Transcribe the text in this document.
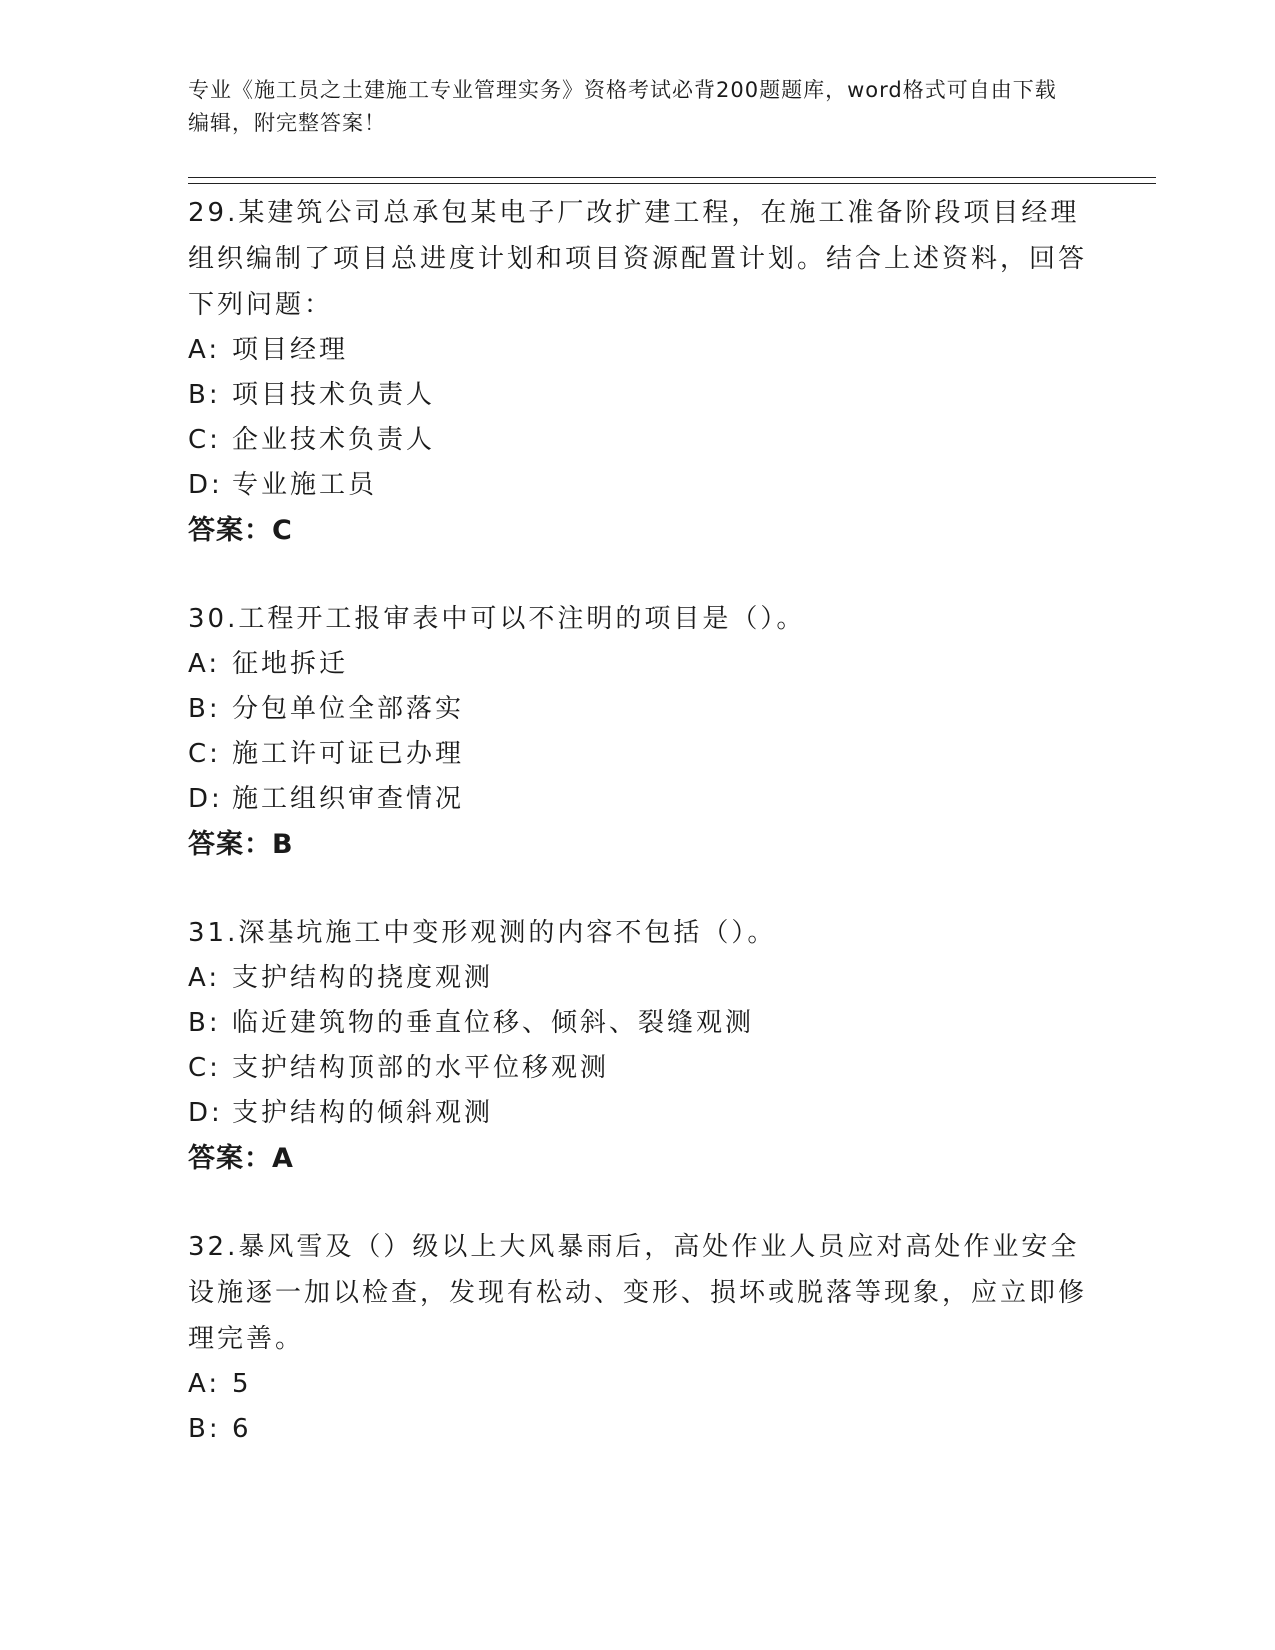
专业《施工员之土建施工专业管理实务》资格考试必背200题题库，word格式可自由下载编辑，附完整答案！
29.某建筑公司总承包某电子厂改扩建工程，在施工准备阶段项目经理组织编制了项目总进度计划和项目资源配置计划。结合上述资料，回答下列问题：
A: 项目经理
B: 项目技术负责人
C: 企业技术负责人
D: 专业施工员
答案：C
30.工程开工报审表中可以不注明的项目是（）。
A: 征地拆迁
B: 分包单位全部落实
C: 施工许可证已办理
D: 施工组织审查情况
答案：B
31.深基坑施工中变形观测的内容不包括（）。
A: 支护结构的挠度观测
B: 临近建筑物的垂直位移、倾斜、裂缝观测
C: 支护结构顶部的水平位移观测
D: 支护结构的倾斜观测
答案：A
32.暴风雪及（）级以上大风暴雨后，高处作业人员应对高处作业安全设施逐一加以检查，发现有松动、变形、损坏或脱落等现象，应立即修理完善。
A: 5
B: 6
